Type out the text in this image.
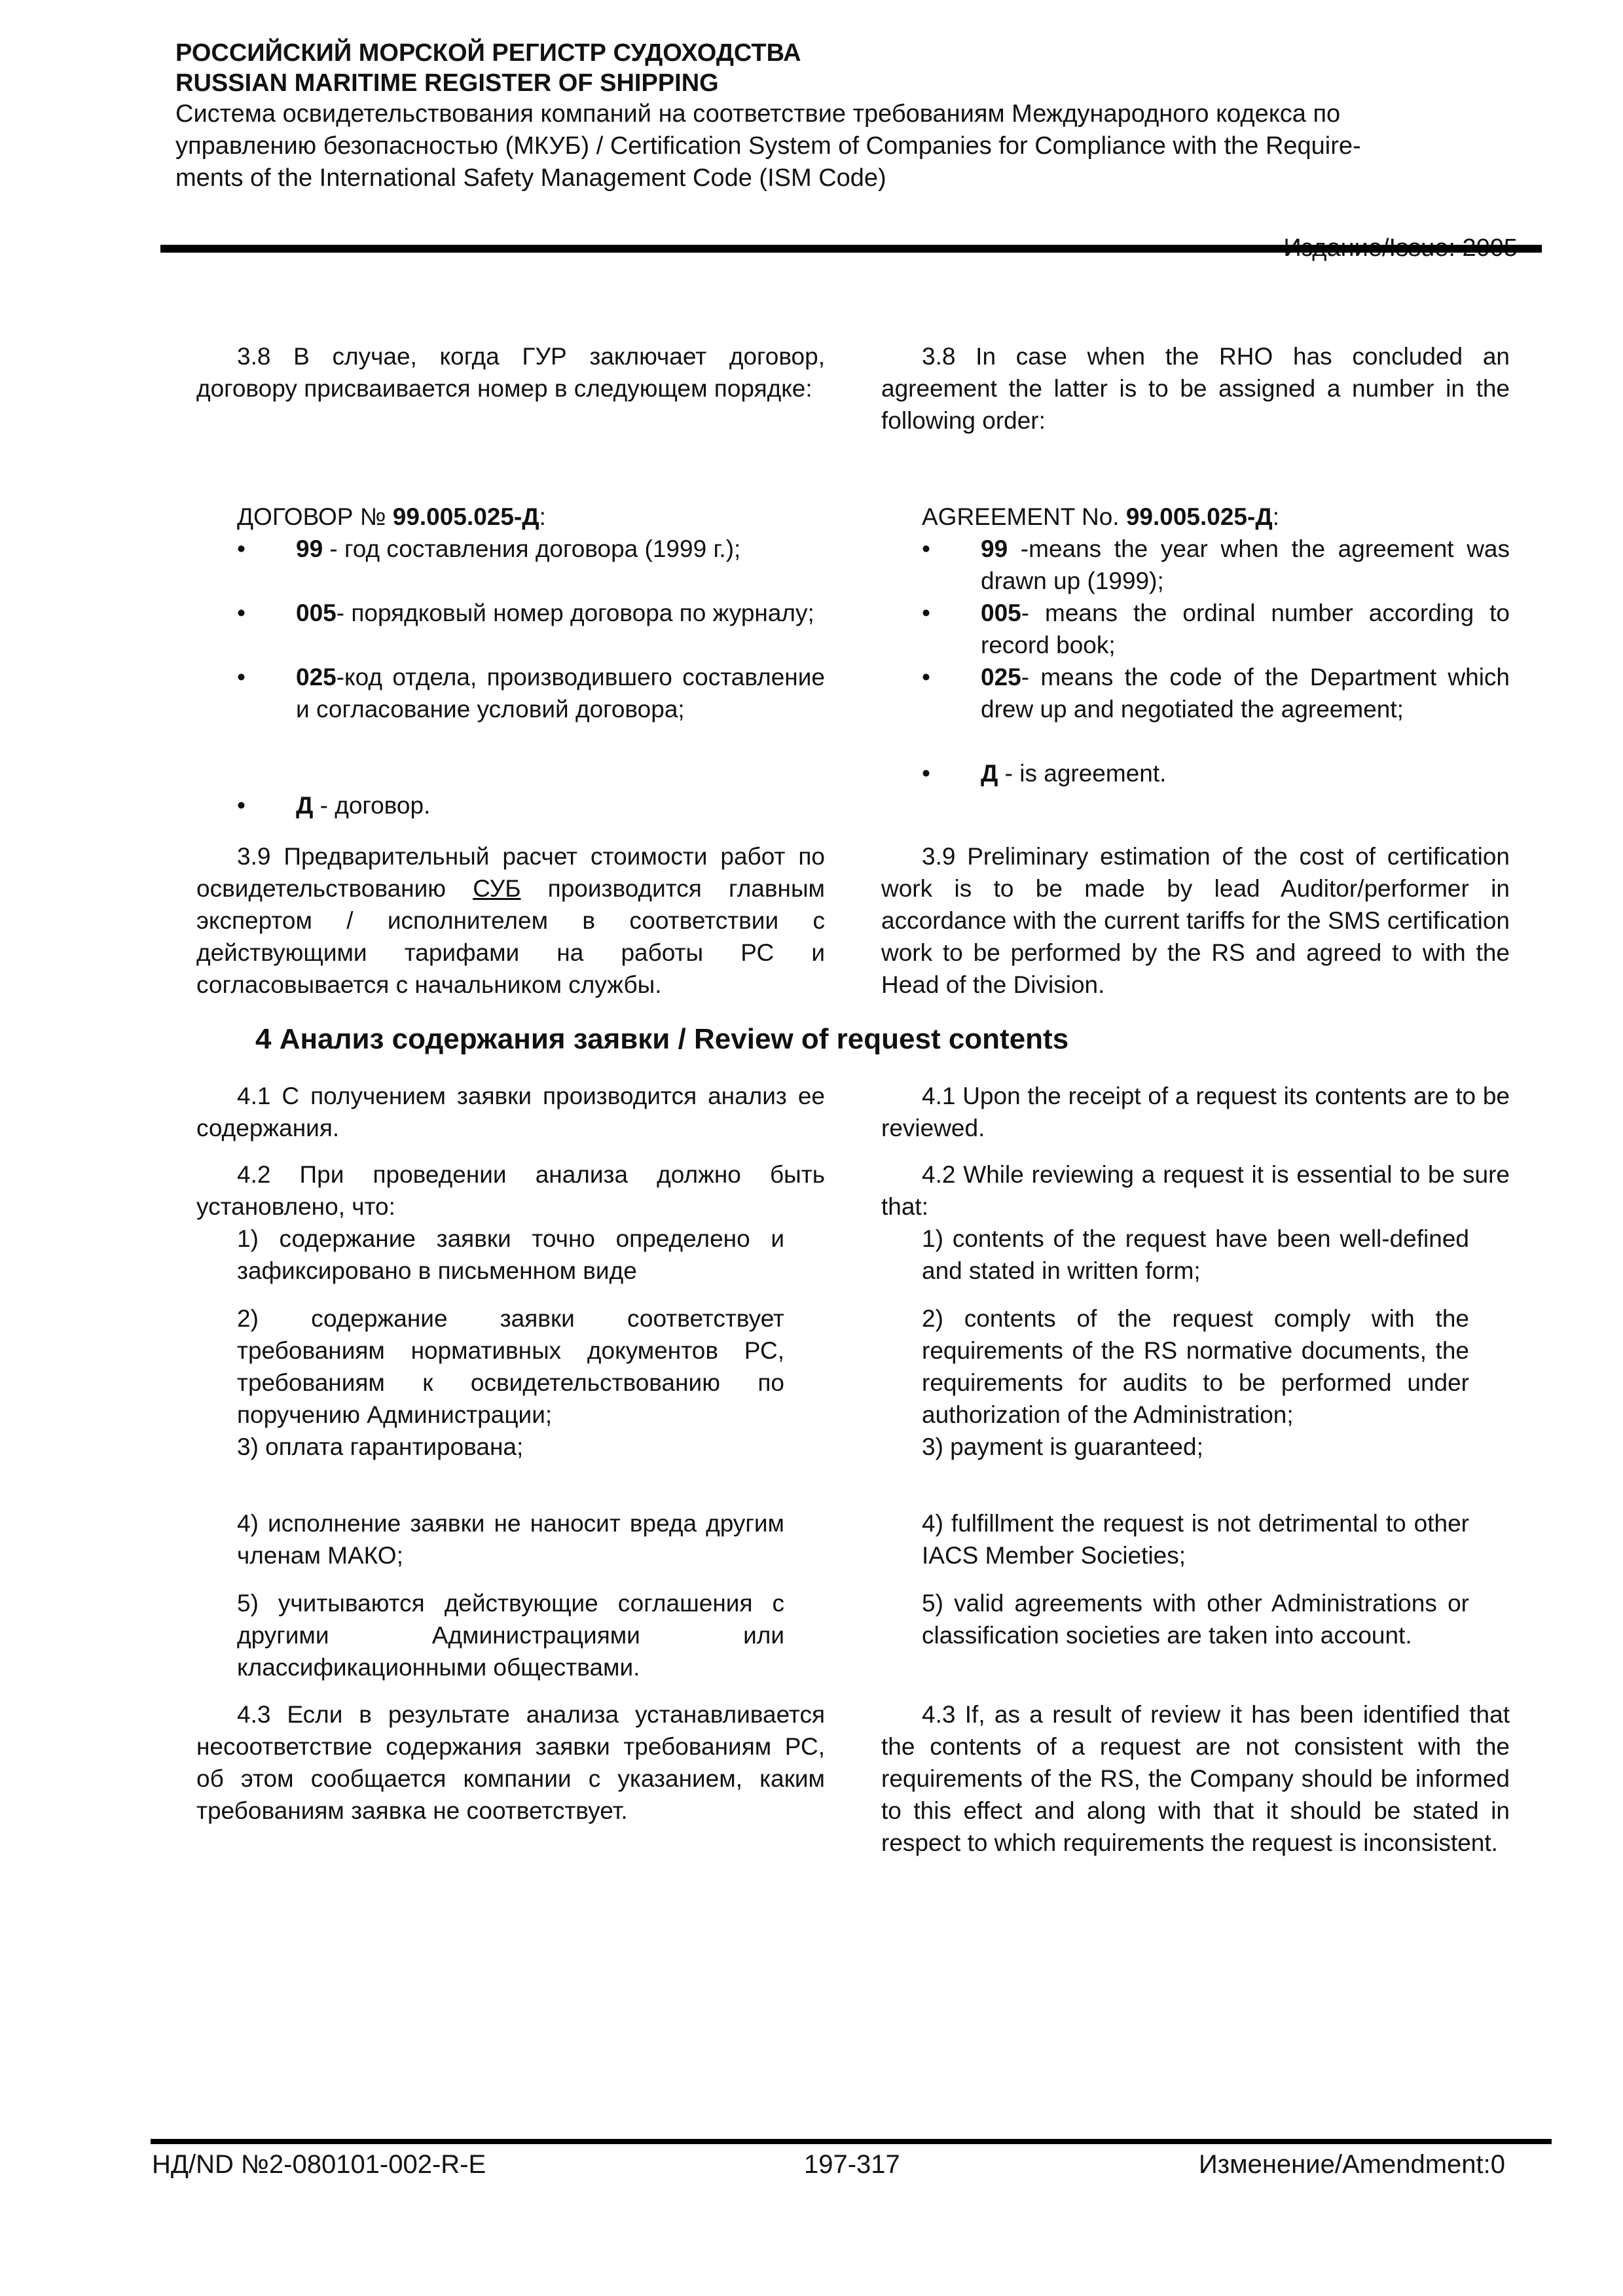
РОССИЙСКИЙ МОРСКОЙ РЕГИСТР СУДОХОДСТВА
RUSSIAN MARITIME REGISTER OF SHIPPING
Система освидетельствования компаний на соответствие требованиям Международного кодекса по
управлению безопасностью (МКУБ) / Certification System of Companies for Compliance with the Require-
ments of the International Safety Management Code (ISM Code)
3.8 В случае, когда ГУР заключает договор, договору присваивается номер в следующем порядке:
ДОГОВОР № 99.005.025-Д:
•	99 - год составления договора (1999 г.);
•	005- порядковый номер договора по журналу;
•	025-код отдела, производившего составление и согласование условий договора;
•	Д - договор.
3.9 Предварительный расчет стоимости работ по освидетельствованию СУБ производится главным экспертом / исполнителем в соответствии с действующими тарифами на работы РС и согласовывается с начальником службы.
4.1 С получением заявки производится анализ ее содержания.
4.2 При проведении анализа должно быть установлено, что:
1) содержание заявки точно определено и зафиксировано в письменном виде
2) содержание заявки соответствует требованиям нормативных документов РС, требованиям к освидетельствованию по поручению Администрации;
3) оплата гарантирована;
4) исполнение заявки не наносит вреда другим членам МАКО;
5) учитываются действующие соглашения с другими Администрациями или классификационными обществами.
4.3 Если в результате анализа устанавливается несоответствие содержания заявки требованиям РС, об этом сообщается компании с указанием, каким требованиям заявка не соответствует.
3.8 In case when the RHO has concluded an agreement the latter is to be assigned a number in the following order:
AGREEMENT No. 99.005.025-Д:
•	99 -means the year when the agreement was drawn up (1999);
•	005- means the ordinal number according to record book;
•	025- means the code of the Department which drew up and negotiated the agreement;
•	Д - is agreement.
3.9 Preliminary estimation of the cost of certification work is to be made by lead Auditor/performer in accordance with the current tariffs for the SMS certification work to be performed by the RS and agreed to with the Head of the Division.
4.1 Upon the receipt of a request its contents are to be reviewed.
4.2 While reviewing a request it is essential to be sure that:
1) contents of the request have been well-defined and stated in written form;
2) contents of the request comply with the requirements of the RS normative documents, the requirements for audits to be performed under authorization of the Administration;
3) payment is guaranteed;
4) fulfillment the request is not detrimental to other IACS Member Societies;
5) valid agreements with other Administrations or classification societies are taken into account.
4.3 If, as a result of review it has been identified that the contents of a request are not consistent with the requirements of the RS, the Company should be informed to this effect and along with that it should be stated in respect to which requirements the request is inconsistent.
4 Анализ содержания заявки / Review of request contents
НД/ND №2-080101-002-R-E	197-317	Изменение/Amendment:0
